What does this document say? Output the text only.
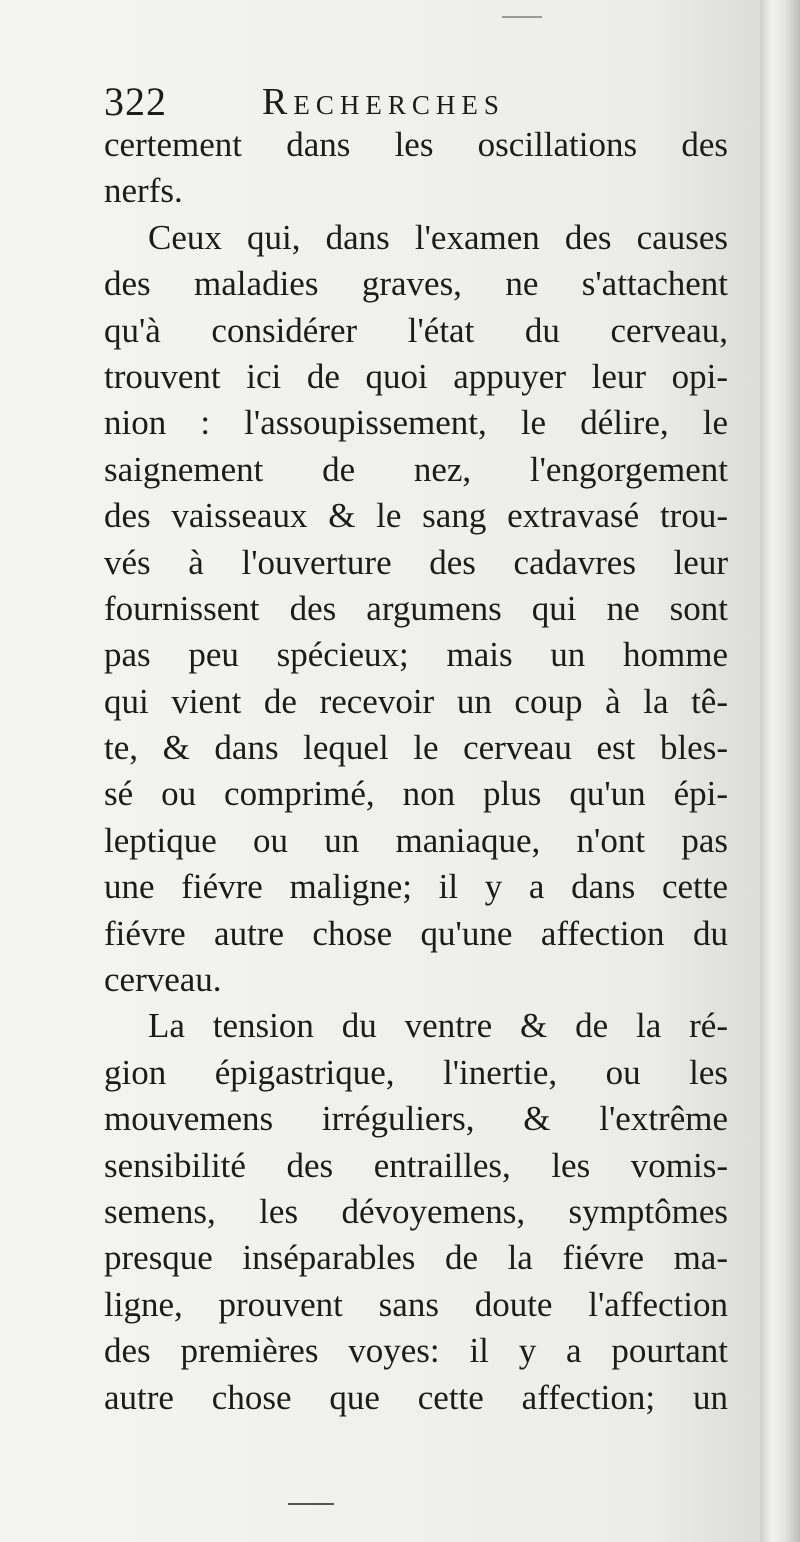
322	Recherches
certement dans les oscillations des
nerfs.
Ceux qui, dans l'examen des causes
des maladies graves, ne s'attachent
qu'à considérer l'état du cerveau,
trouvent ici de quoi appuyer leur opi-
nion : l'assoupissement, le délire, le
saignement de nez, l'engorgement
des vaisseaux & le sang extravasé trou-
vés à l'ouverture des cadavres leur
fournissent des argumens qui ne sont
pas peu spécieux; mais un homme
qui vient de recevoir un coup à la tê-
te, & dans lequel le cerveau est bles-
sé ou comprimé, non plus qu'un épi-
leptique ou un maniaque, n'ont pas
une fiévre maligne; il y a dans cette
fiévre autre chose qu'une affection du
cerveau.
La tension du ventre & de la ré-
gion épigastrique, l'inertie, ou les
mouvemens irréguliers, & l'extrême
sensibilité des entrailles, les vomis-
semens, les dévoyemens, symptômes
presque inséparables de la fiévre ma-
ligne, prouvent sans doute l'affection
des premières voyes: il y a pourtant
autre chose que cette affection; un
